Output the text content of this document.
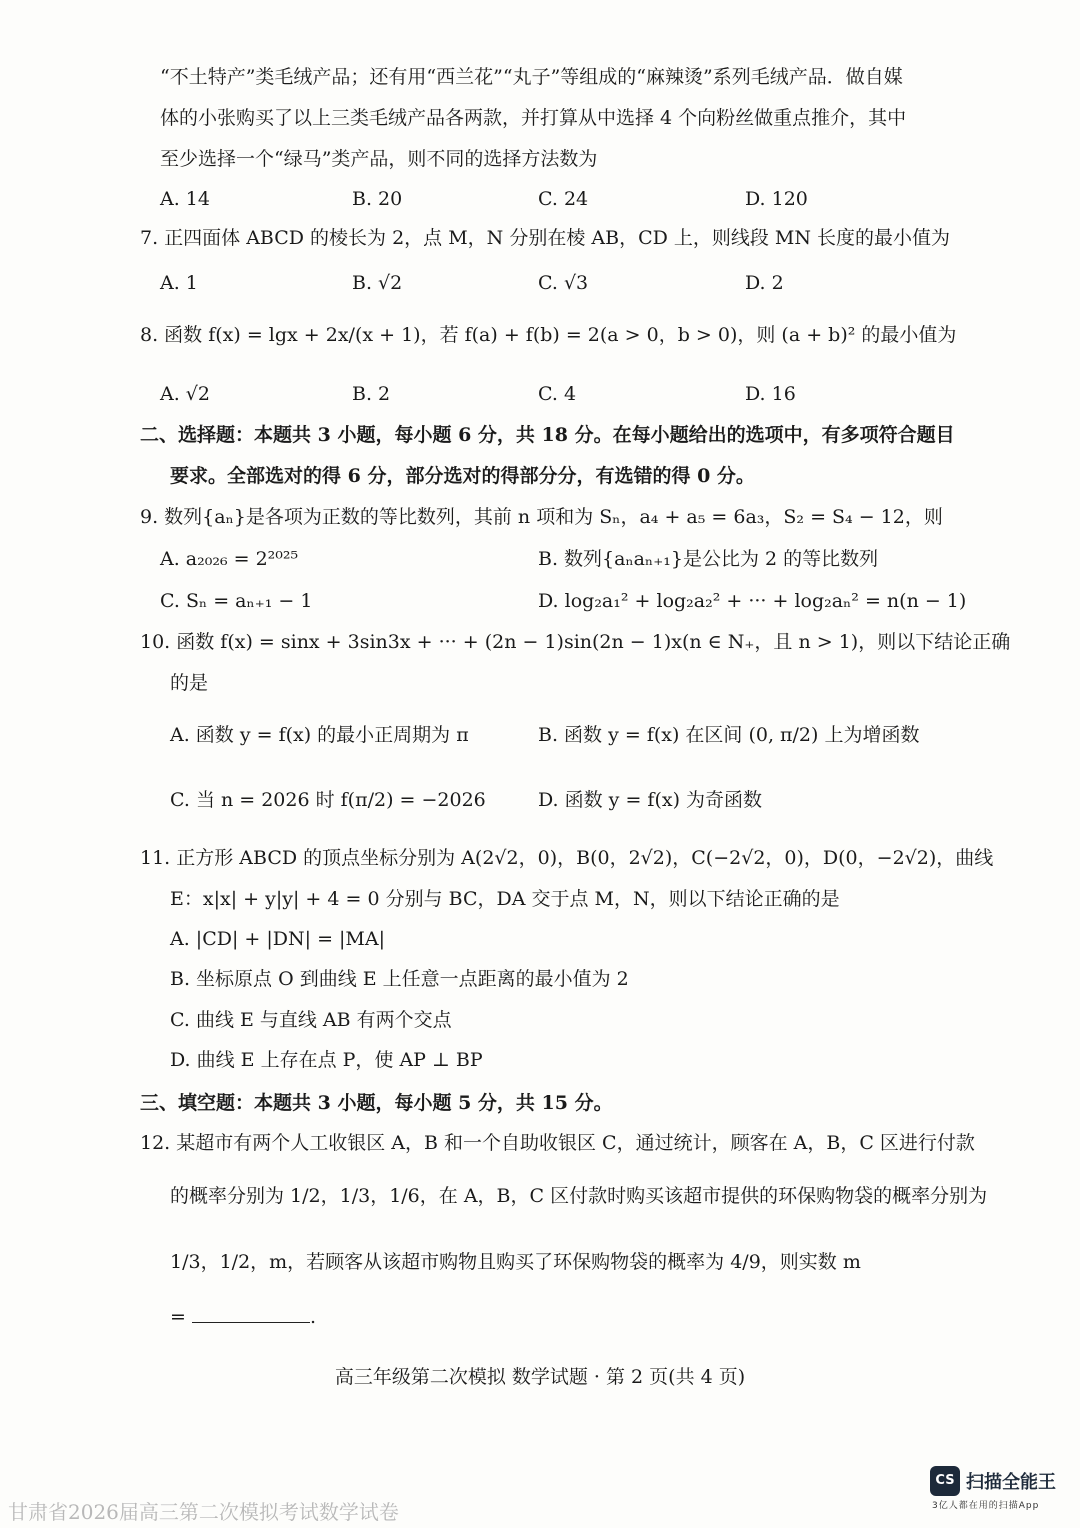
“不土特产”类毛绒产品；还有用“西兰花”“丸子”等组成的“麻辣烫”系列毛绒产品．做自媒
体的小张购买了以上三类毛绒产品各两款，并打算从中选择 4 个向粉丝做重点推介，其中
至少选择一个“绿马”类产品，则不同的选择方法数为
A. 14	B. 20	C. 24	D. 120
7. 正四面体 ABCD 的棱长为 2，点 M，N 分别在棱 AB，CD 上，则线段 MN 长度的最小值为
A. 1	B. √2	C. √3	D. 2
8. 函数 f(x) = lgx + 2x/(x + 1)，若 f(a) + f(b) = 2(a > 0，b > 0)，则 (a + b)² 的最小值为
A. √2	B. 2	C. 4	D. 16
二、选择题：本题共 3 小题，每小题 6 分，共 18 分。在每小题给出的选项中，有多项符合题目
要求。全部选对的得 6 分，部分选对的得部分分，有选错的得 0 分。
9. 数列{aₙ}是各项为正数的等比数列，其前 n 项和为 Sₙ，a₄ + a₅ = 6a₃，S₂ = S₄ − 12，则
A. a₂₀₂₆ = 2²⁰²⁵	B. 数列{aₙaₙ₊₁}是公比为 2 的等比数列
C. Sₙ = aₙ₊₁ − 1	D. log₂a₁² + log₂a₂² + ··· + log₂aₙ² = n(n − 1)
10. 函数 f(x) = sinx + 3sin3x + ··· + (2n − 1)sin(2n − 1)x(n ∈ N₊，且 n > 1)，则以下结论正确
的是
A. 函数 y = f(x) 的最小正周期为 π	B. 函数 y = f(x) 在区间 (0, π/2) 上为增函数
C. 当 n = 2026 时 f(π/2) = −2026	D. 函数 y = f(x) 为奇函数
11. 正方形 ABCD 的顶点坐标分别为 A(2√2，0)，B(0，2√2)，C(−2√2，0)，D(0，−2√2)，曲线
E：x|x| + y|y| + 4 = 0 分别与 BC，DA 交于点 M，N，则以下结论正确的是
A. |CD| + |DN| = |MA|
B. 坐标原点 O 到曲线 E 上任意一点距离的最小值为 2
C. 曲线 E 与直线 AB 有两个交点
D. 曲线 E 上存在点 P，使 AP ⊥ BP
三、填空题：本题共 3 小题，每小题 5 分，共 15 分。
12. 某超市有两个人工收银区 A，B 和一个自助收银区 C，通过统计，顾客在 A，B，C 区进行付款
的概率分别为 1/2，1/3，1/6，在 A，B，C 区付款时购买该超市提供的环保购物袋的概率分别为
1/3，1/2，m，若顾客从该超市购物且购买了环保购物袋的概率为 4/9，则实数 m
=	.
高三年级第二次模拟 数学试题 · 第 2 页(共 4 页)
甘肃省2026届高三第二次模拟考试数学试卷
CS 扫描全能王
3亿人都在用的扫描App
